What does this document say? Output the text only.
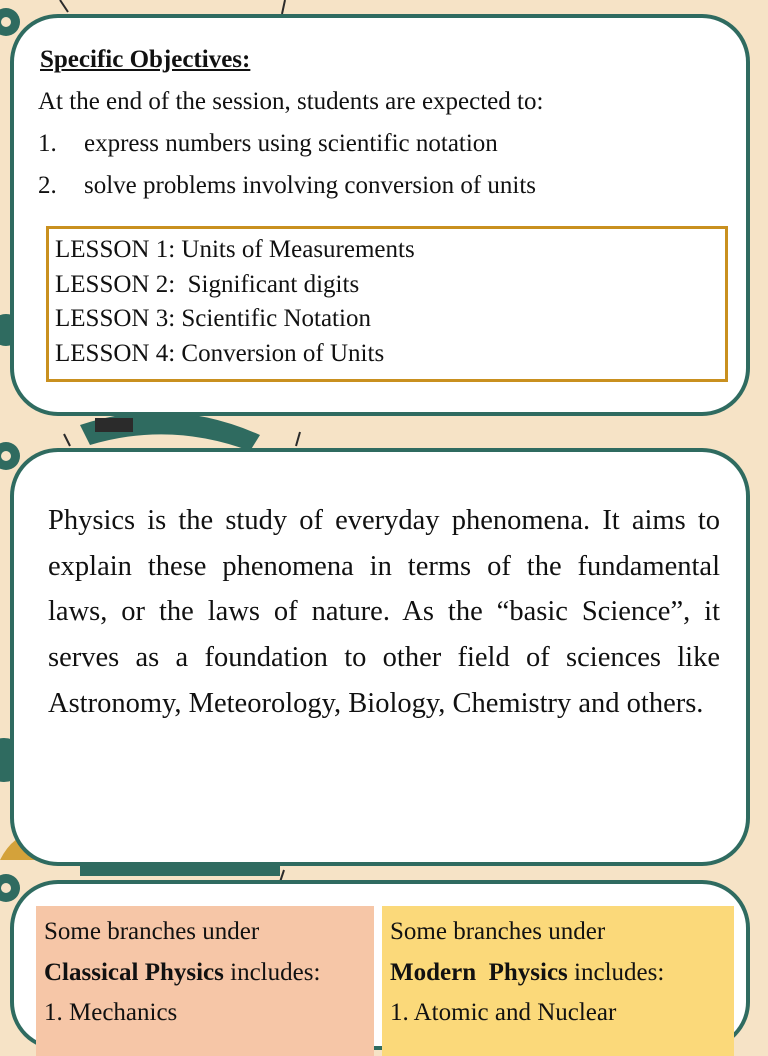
Specific Objectives:

At the end of the session, students are expected to:

1. express numbers using scientific notation
2. solve problems involving conversion of units
LESSON 1: Units of Measurements
LESSON 2:  Significant digits
LESSON 3: Scientific Notation
LESSON 4: Conversion of Units

Physics is the study of everyday phenomena. It aims to explain these phenomena in terms of the fundamental laws, or the laws of nature. As the “basic Science”, it serves as a foundation to other field of sciences like Astronomy, Meteorology, Biology, Chemistry and others.

Some branches under
Classical Physics includes:
1. Mechanics
Some branches under
Modern  Physics includes:
1. Atomic and Nuclear
